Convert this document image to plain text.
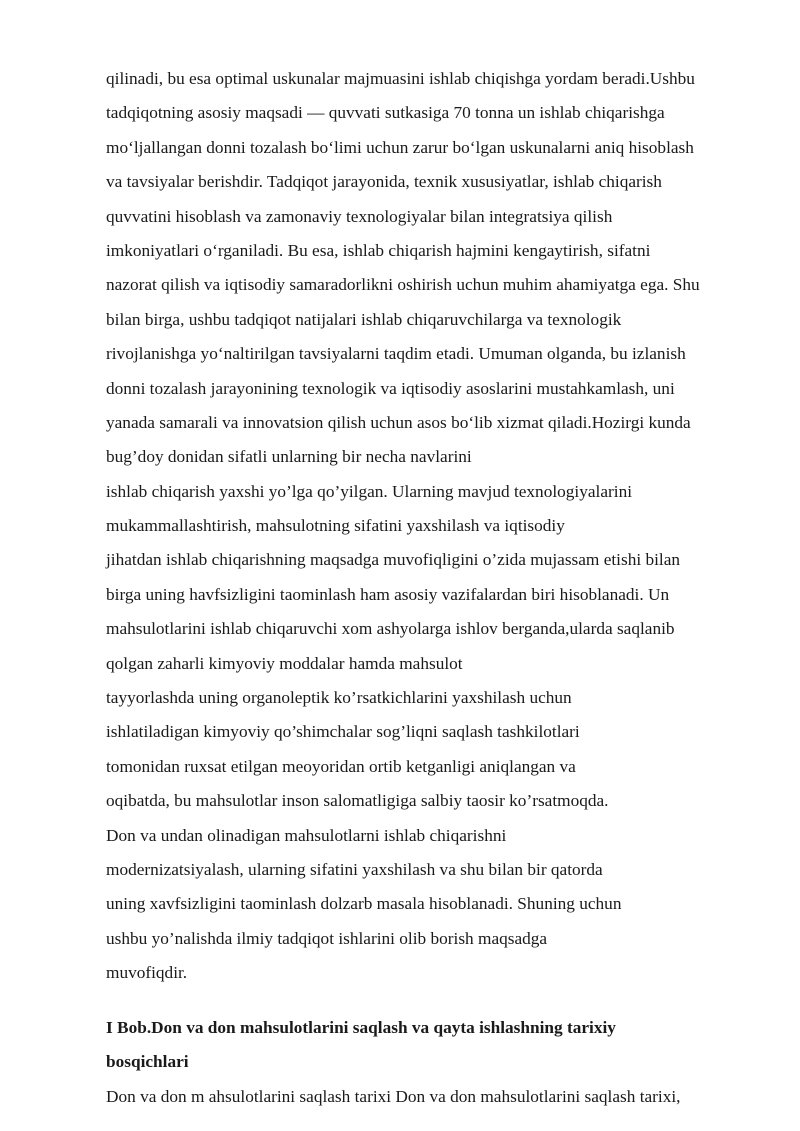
qilinadi, bu esa optimal uskunalar majmuasini ishlab chiqishga yordam beradi.Ushbu
tadqiqotning asosiy maqsadi — quvvati sutkasiga 70 tonna un ishlab chiqarishga
mo‘ljallangan donni tozalash bo‘limi uchun zarur bo‘lgan uskunalarni aniq hisoblash
va tavsiyalar berishdir. Tadqiqot jarayonida, texnik xususiyatlar, ishlab chiqarish
quvvatini hisoblash va zamonaviy texnologiyalar bilan integratsiya qilish
imkoniyatlari o‘rganiladi. Bu esa, ishlab chiqarish hajmini kengaytirish, sifatni
nazorat qilish va iqtisodiy samaradorlikni oshirish uchun muhim ahamiyatga ega. Shu
bilan birga, ushbu tadqiqot natijalari ishlab chiqaruvchilarga va texnologik
rivojlanishga yo‘naltirilgan tavsiyalarni taqdim etadi. Umuman olganda, bu izlanish
donni tozalash jarayonining texnologik va iqtisodiy asoslarini mustahkamlash, uni
yanada samarali va innovatsion qilish uchun asos bo‘lib xizmat qiladi.Hozirgi kunda
bug’doy donidan sifatli unlarning bir necha navlarini
ishlab chiqarish yaxshi yo’lga qo’yilgan. Ularning mavjud texnologiyalarini
mukammallashtirish, mahsulotning sifatini yaxshilash va iqtisodiy
jihatdan ishlab chiqarishning maqsadga muvofiqligini o’zida mujassam etishi bilan
birga uning havfsizligini taominlash ham asosiy vazifalardan biri hisoblanadi. Un
mahsulotlarini ishlab chiqaruvchi xom ashyolarga ishlov berganda,ularda saqlanib
qolgan zaharli kimyoviy moddalar hamda mahsulot
tayyorlashda uning organoleptik ko’rsatkichlarini yaxshilash uchun
ishlatiladigan kimyoviy qo’shimchalar sog’liqni saqlash tashkilotlari
tomonidan ruxsat etilgan meoyoridan ortib ketganligi aniqlangan va
oqibatda, bu mahsulotlar inson salomatligiga salbiy taosir ko’rsatmoqda.
Don va undan olinadigan mahsulotlarni ishlab chiqarishni
modernizatsiyalash, ularning sifatini yaxshilash va shu bilan bir qatorda
uning xavfsizligini taominlash dolzarb masala hisoblanadi. Shuning uchun
ushbu yo’nalishda ilmiy tadqiqot ishlarini olib borish maqsadga
muvofiqdir.
I Bob.Don va don mahsulotlarini saqlash va qayta ishlashning tarixiy
bosqichlari
Don va don m ahsulotlarini saqlash tarixi Don va don mahsulotlarini saqlash tarixi,
